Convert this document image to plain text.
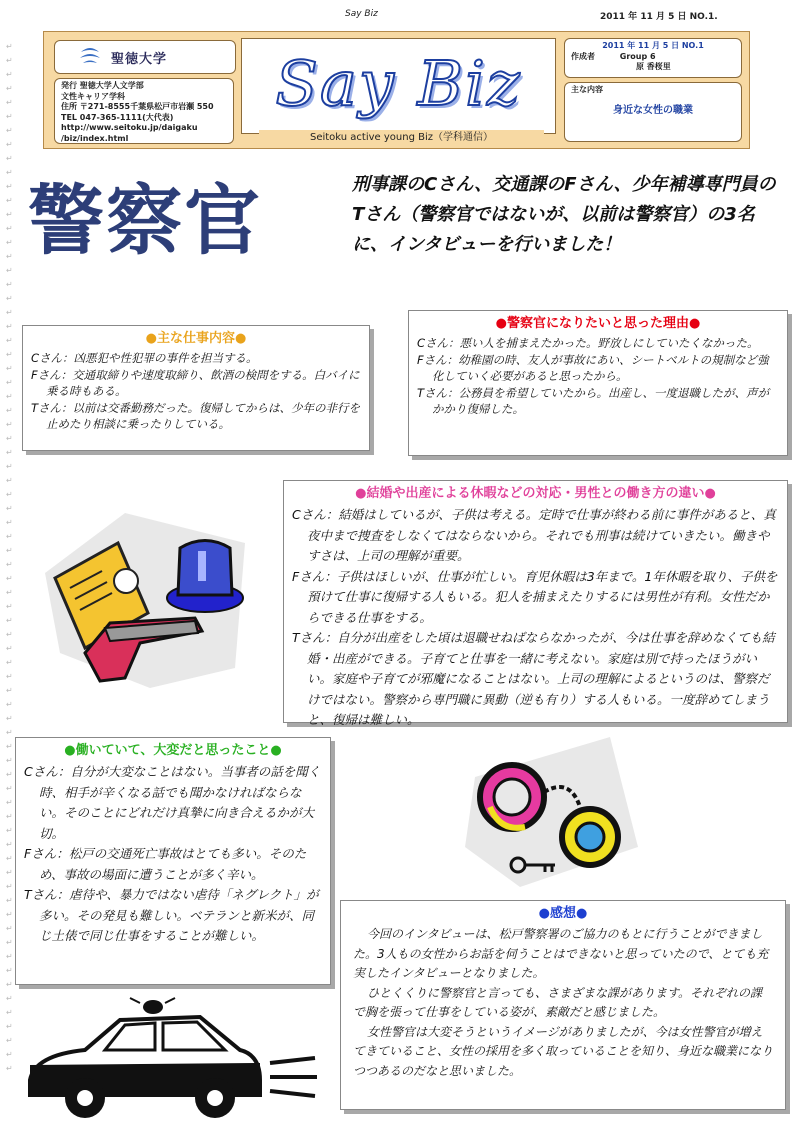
Say Biz	2011 年 11 月 5 日 NO.1.
↵
↵
↵
↵
↵
↵
↵
↵
↵
↵
↵
↵
↵
↵
↵
↵
↵
↵
↵
↵
↵
↵
↵
↵
↵
↵
↵
↵
↵
↵
↵
↵
↵
↵
↵
↵
↵
↵
↵
↵
↵
↵
↵
↵
↵
↵
↵
↵
↵
↵
↵
↵
↵
↵
↵
↵
↵
↵
↵
↵
↵
↵
↵
↵
↵
↵
↵
↵
↵
↵
↵
↵
↵
↵
聖徳大学
発行 聖徳大学人文学部
文性キャリア学科
住所 〒271-8555千葉県松戸市岩瀬 550
TEL 047-365-1111(大代表)
http://www.seitoku.jp/daigaku
/biz/index.html
Say Biz
Seitoku active young Biz（学科通信）
2011 年 11 月 5 日 NO.1
作成者	Group 6
原 香桜里
主な内容
身近な女性の職業
警察官	刑事課のCさん、交通課のFさん、少年補導専門員のTさん（警察官ではないが、以前は警察官）の3名に、インタビューを行いました！
●主な仕事内容●

Cさん：凶悪犯や性犯罪の事件を担当する。

Fさん：交通取締りや速度取締り、飲酒の検問をする。白バイに乗る時もある。

Tさん：以前は交番勤務だった。復帰してからは、少年の非行を止めたり相談に乗ったりしている。

●警察官になりたいと思った理由●

Cさん：悪い人を捕まえたかった。野放しにしていたくなかった。

Fさん：幼稚園の時、友人が事故にあい、シートベルトの規制など強化していく必要があると思ったから。

Tさん：公務員を希望していたから。出産し、一度退職したが、声がかかり復帰した。

●結婚や出産による休暇などの対応・男性との働き方の違い●

Cさん：結婚はしているが、子供は考える。定時で仕事が終わる前に事件があると、真夜中まで捜査をしなくてはならないから。それでも刑事は続けていきたい。働きやすさは、上司の理解が重要。

Fさん：子供はほしいが、仕事が忙しい。育児休暇は3年まで。1年休暇を取り、子供を預けて仕事に復帰する人もいる。犯人を捕まえたりするには男性が有利。女性だからできる仕事をする。

Tさん：自分が出産をした頃は退職せねばならなかったが、今は仕事を辞めなくても結婚・出産ができる。子育てと仕事を一緒に考えない。家庭は別で持ったほうがいい。家庭や子育てが邪魔になることはない。上司の理解によるというのは、警察だけではない。警察から専門職に異動（逆も有り）する人もいる。一度辞めてしまうと、復帰は難しい。

●働いていて、大変だと思ったこと●

Cさん：自分が大変なことはない。当事者の話を聞く時、相手が辛くなる話でも聞かなければならない。そのことにどれだけ真摯に向き合えるかが大切。

Fさん：松戸の交通死亡事故はとても多い。そのため、事故の場面に遭うことが多く辛い。

Tさん：虐待や、暴力ではない虐待「ネグレクト」が多い。その発見も難しい。ベテランと新米が、同じ土俵で同じ仕事をすることが難しい。

●感想●

今回のインタビューは、松戸警察署のご協力のもとに行うことができました。3人もの女性からお話を伺うことはできないと思っていたので、とても充実したインタビューとなりました。

ひとくくりに警察官と言っても、さまざまな課があります。それぞれの課で胸を張って仕事をしている姿が、素敵だと感じました。

女性警官は大変そうというイメージがありましたが、今は女性警官が増えてきていること、女性の採用を多く取っていることを知り、身近な職業になりつつあるのだなと思いました。
